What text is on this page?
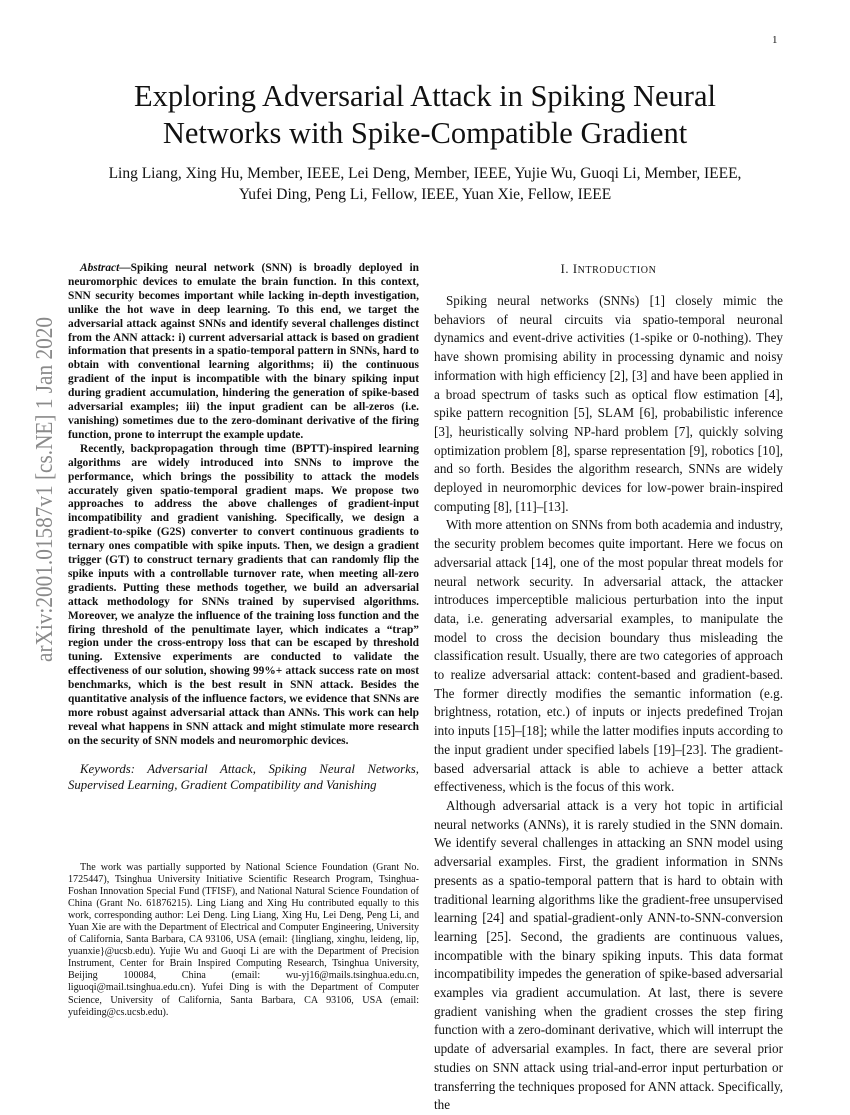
1
arXiv:2001.01587v1 [cs.NE] 1 Jan 2020
Exploring Adversarial Attack in Spiking Neural
Networks with Spike-Compatible Gradient
Ling Liang, Xing Hu, Member, IEEE, Lei Deng, Member, IEEE, Yujie Wu, Guoqi Li, Member, IEEE,
Yufei Ding, Peng Li, Fellow, IEEE, Yuan Xie, Fellow, IEEE

Abstract—Spiking neural network (SNN) is broadly deployed in neuromorphic devices to emulate the brain function. In this context, SNN security becomes important while lacking in-depth investigation, unlike the hot wave in deep learning. To this end, we target the adversarial attack against SNNs and identify several challenges distinct from the ANN attack: i) current adversarial attack is based on gradient information that presents in a spatio-temporal pattern in SNNs, hard to obtain with conventional learning algorithms; ii) the continuous gradient of the input is incompatible with the binary spiking input during gradient accumulation, hindering the generation of spike-based adversarial examples; iii) the input gradient can be all-zeros (i.e. vanishing) sometimes due to the zero-dominant derivative of the firing function, prone to interrupt the example update.

Recently, backpropagation through time (BPTT)-inspired learning algorithms are widely introduced into SNNs to improve the performance, which brings the possibility to attack the models accurately given spatio-temporal gradient maps. We propose two approaches to address the above challenges of gradient-input incompatibility and gradient vanishing. Specifically, we design a gradient-to-spike (G2S) converter to convert continuous gradients to ternary ones compatible with spike inputs. Then, we design a gradient trigger (GT) to construct ternary gradients that can randomly flip the spike inputs with a controllable turnover rate, when meeting all-zero gradients. Putting these methods together, we build an adversarial attack methodology for SNNs trained by supervised algorithms. Moreover, we analyze the influence of the training loss function and the firing threshold of the penultimate layer, which indicates a “trap” region under the cross-entropy loss that can be escaped by threshold tuning. Extensive experiments are conducted to validate the effectiveness of our solution, showing 99%+ attack success rate on most benchmarks, which is the best result in SNN attack. Besides the quantitative analysis of the influence factors, we evidence that SNNs are more robust against adversarial attack than ANNs. This work can help reveal what happens in SNN attack and might stimulate more research on the security of SNN models and neuromorphic devices.

Keywords: Adversarial Attack, Spiking Neural Networks, Supervised Learning, Gradient Compatibility and Vanishing
The work was partially supported by National Science Foundation (Grant No. 1725447), Tsinghua University Initiative Scientific Research Program, Tsinghua-Foshan Innovation Special Fund (TFISF), and National Natural Science Foundation of China (Grant No. 61876215). Ling Liang and Xing Hu contributed equally to this work, corresponding author: Lei Deng. Ling Liang, Xing Hu, Lei Deng, Peng Li, and Yuan Xie are with the Department of Electrical and Computer Engineering, University of California, Santa Barbara, CA 93106, USA (email: {lingliang, xinghu, leideng, lip, yuanxie}@ucsb.edu). Yujie Wu and Guoqi Li are with the Department of Precision Instrument, Center for Brain Inspired Computing Research, Tsinghua University, Beijing 100084, China (email: wu-yj16@mails.tsinghua.edu.cn, liguoqi@mail.tsinghua.edu.cn). Yufei Ding is with the Department of Computer Science, University of California, Santa Barbara, CA 93106, USA (email: yufeiding@cs.ucsb.edu).
I. INTRODUCTION

Spiking neural networks (SNNs) [1] closely mimic the behaviors of neural circuits via spatio-temporal neuronal dynamics and event-drive activities (1-spike or 0-nothing). They have shown promising ability in processing dynamic and noisy information with high efficiency [2], [3] and have been applied in a broad spectrum of tasks such as optical flow estimation [4], spike pattern recognition [5], SLAM [6], probabilistic inference [3], heuristically solving NP-hard problem [7], quickly solving optimization problem [8], sparse representation [9], robotics [10], and so forth. Besides the algorithm research, SNNs are widely deployed in neuromorphic devices for low-power brain-inspired computing [8], [11]–[13].

With more attention on SNNs from both academia and industry, the security problem becomes quite important. Here we focus on adversarial attack [14], one of the most popular threat models for neural network security. In adversarial attack, the attacker introduces imperceptible malicious perturbation into the input data, i.e. generating adversarial examples, to manipulate the model to cross the decision boundary thus misleading the classification result. Usually, there are two categories of approach to realize adversarial attack: content-based and gradient-based. The former directly modifies the semantic information (e.g. brightness, rotation, etc.) of inputs or injects predefined Trojan into inputs [15]–[18]; while the latter modifies inputs according to the input gradient under specified labels [19]–[23]. The gradient-based adversarial attack is able to achieve a better attack effectiveness, which is the focus of this work.

Although adversarial attack is a very hot topic in artificial neural networks (ANNs), it is rarely studied in the SNN domain. We identify several challenges in attacking an SNN model using adversarial examples. First, the gradient information in SNNs presents as a spatio-temporal pattern that is hard to obtain with traditional learning algorithms like the gradient-free unsupervised learning [24] and spatial-gradient-only ANN-to-SNN-conversion learning [25]. Second, the gradients are continuous values, incompatible with the binary spiking inputs. This data format incompatibility impedes the generation of spike-based adversarial examples via gradient accumulation. At last, there is severe gradient vanishing when the gradient crosses the step firing function with a zero-dominant derivative, which will interrupt the update of adversarial examples. In fact, there are several prior studies on SNN attack using trial-and-error input perturbation or transferring the techniques proposed for ANN attack. Specifically, the
